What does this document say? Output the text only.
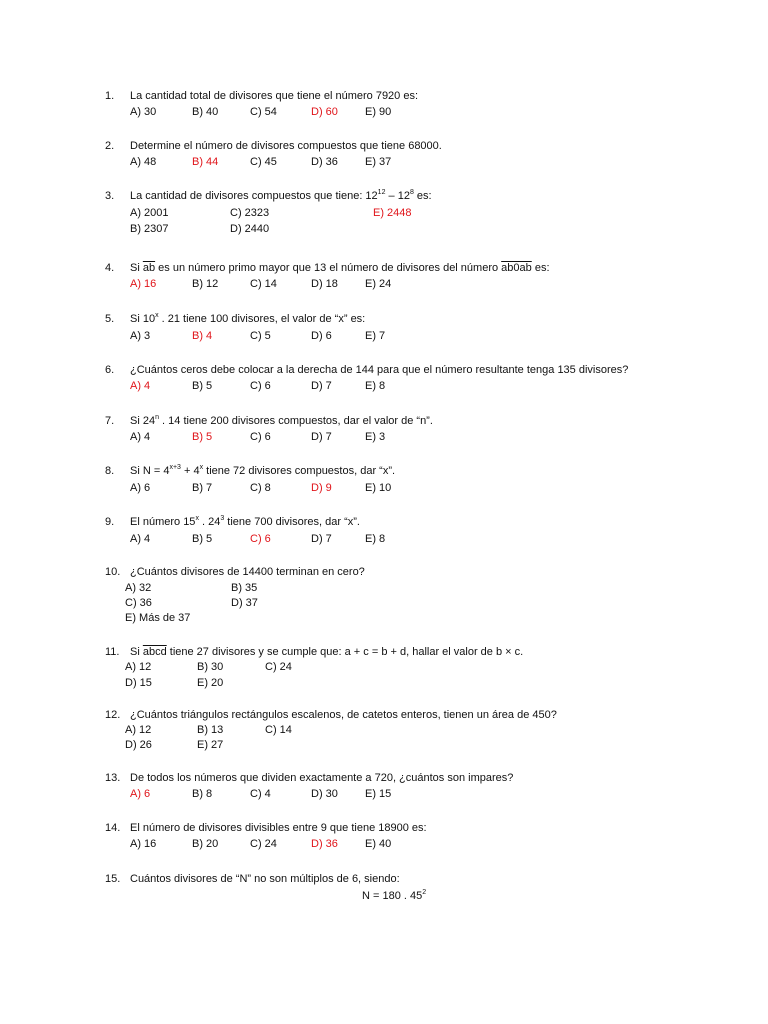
1. La cantidad total de divisores que tiene el número 7920 es:
A) 30	B) 40	C) 54	D) 60 E) 90
2. Determine el número de divisores compuestos que tiene 68000.
A) 48	B) 44	C) 45	D) 36 E) 37
3. La cantidad de divisores compuestos que tiene: $12^{12} - 12^8$ es:
A) 2001	C) 2323	E) 2448
B) 2307	D) 2440
4. Si $\overline{ab}$ es un número primo mayor que 13 el número de divisores del número ab0ab es:
A) 16	B) 12	C) 14	D) 18 E) 24
5. Si 10$^x$ . 21 tiene 100 divisores, el valor de “x” es:
A) 3	B) 4	C) 5	D) 6	E) 7
6. ¿Cuántos ceros debe colocar a la derecha de 144 para que el número resultante tenga 135 divisores?
A) 4	B) 5	C) 6	D) 7	E) 8
7. Si 24$^n$ . 14 tiene 200 divisores compuestos, dar el valor de “n”.
A) 4	B) 5	C) 6	D) 7	E) 3
8. Si $N = 4^{x+3} + 4^x$ tiene 72 divisores compuestos, dar “x”.
A) 6	B) 7	C) 8	D) 9	E) 10
9. El número 15$^x$ . $24^3$ tiene 700 divisores, dar “x”.
A) 4	B) 5	C) 6	D) 7	E) 8
10. ¿Cuántos divisores de 14400 terminan en cero?
A) 32	B) 35
C) 36	D) 37
E) Más de 37
11. Si abcd tiene 27 divisores y se cumple que: a + c = b + d, hallar el valor de b × c.
A) 12	B) 30	C) 24
D) 15	E) 20
12. ¿Cuántos triángulos rectángulos escalenos, de catetos enteros, tienen un área de 450?
A) 12	B) 13	C) 14
D) 26	E) 27
13. De todos los números que dividen exactamente a 720, ¿cuántos son impares?
A) 6	B) 8	C) 4	D) 30 E) 15
14. El número de divisores divisibles entre 9 que tiene 18900 es:
A) 16	B) 20	C) 24	D) 36 E) 40
15. Cuántos divisores de “N” no son múltiplos de 6, siendo:
N = 180 . $45^2$
